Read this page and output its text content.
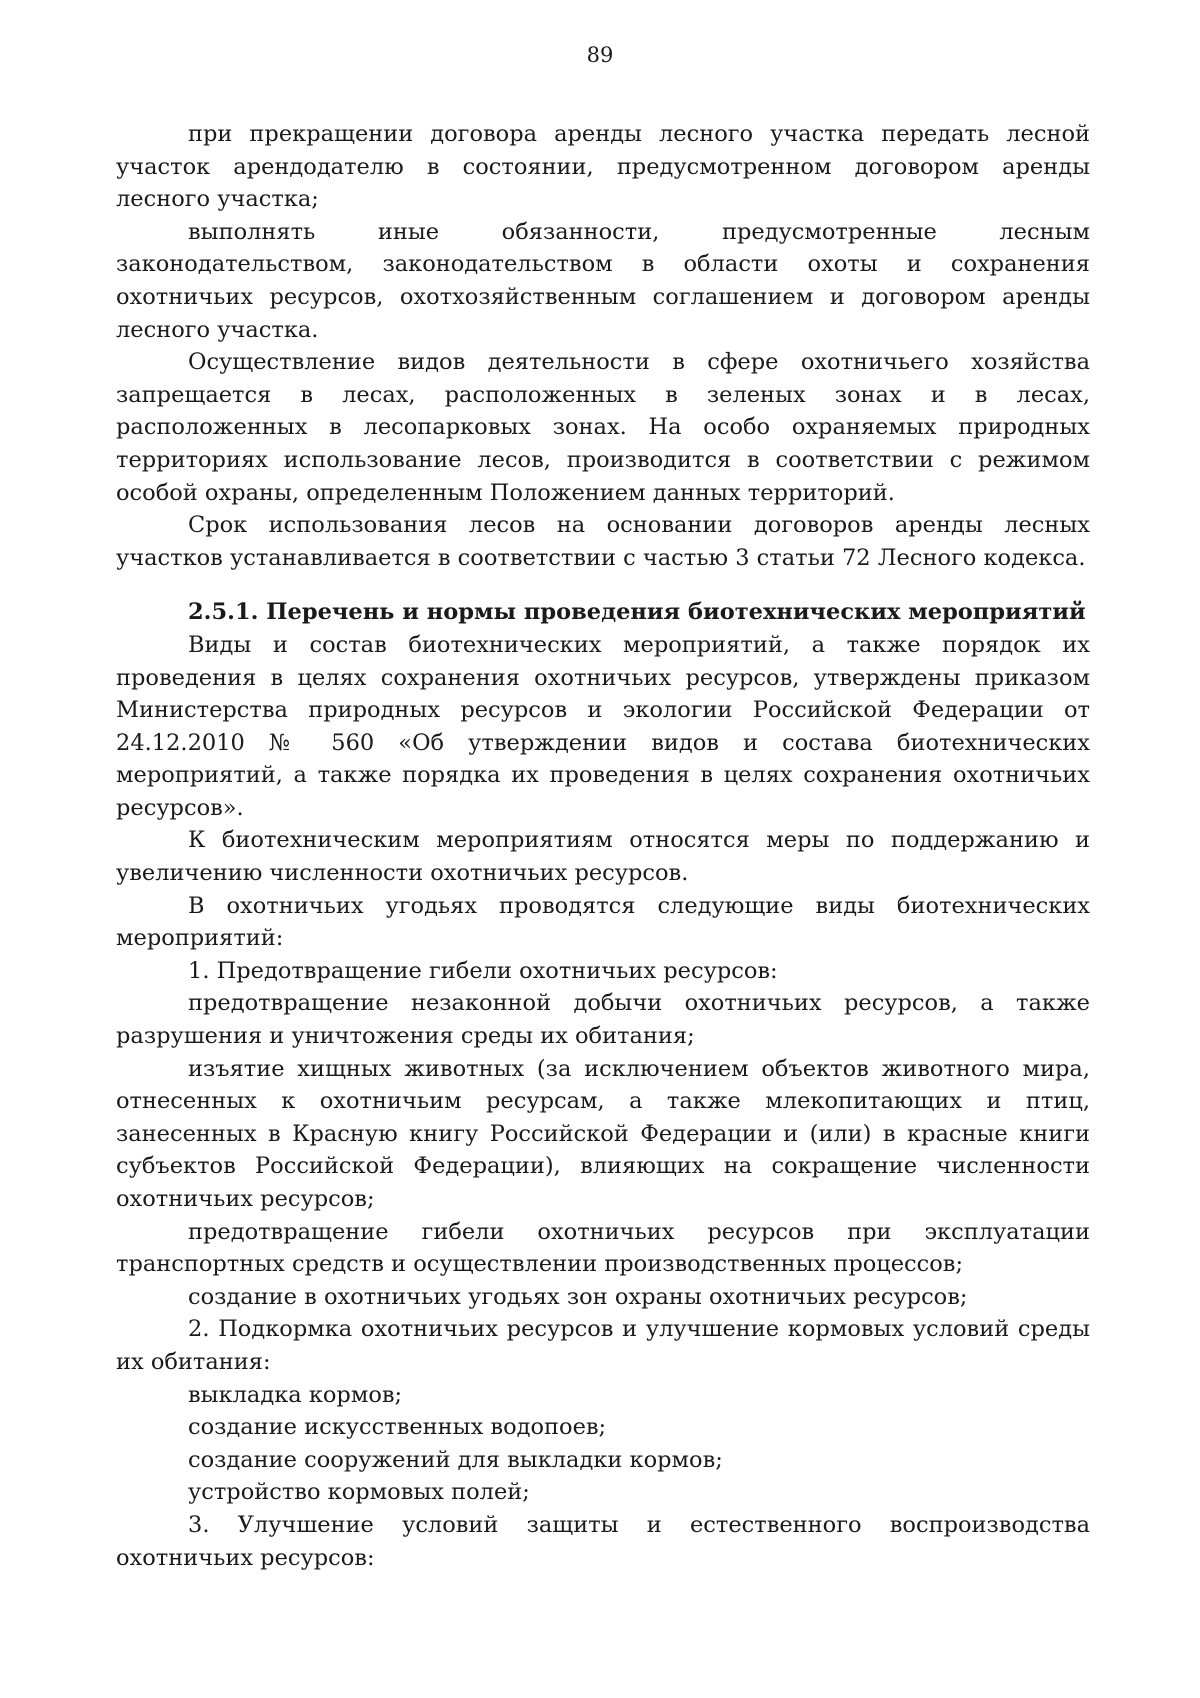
89

при прекращении договора аренды лесного участка передать лесной участок арендодателю в состоянии, предусмотренном договором аренды лесного участка;

выполнять иные обязанности, предусмотренные лесным законодательством, законодательством в области охоты и сохранения охотничьих ресурсов, охотхозяйственным соглашением и договором аренды лесного участка.

Осуществление видов деятельности в сфере охотничьего хозяйства запрещается в лесах, расположенных в зеленых зонах и в лесах, расположенных в лесопарковых зонах. На особо охраняемых природных территориях использование лесов, производится в соответствии с режимом особой охраны, определенным Положением данных территорий.

Срок использования лесов на основании договоров аренды лесных участков устанавливается в соответствии с частью 3 статьи 72 Лесного кодекса.

2.5.1. Перечень и нормы проведения биотехнических мероприятий

Виды и состав биотехнических мероприятий, а также порядок их проведения в целях сохранения охотничьих ресурсов, утверждены приказом Министерства природных ресурсов и экологии Российской Федерации от 24.12.2010 № 560 «Об утверждении видов и состава биотехнических мероприятий, а также порядка их проведения в целях сохранения охотничьих ресурсов».

К биотехническим мероприятиям относятся меры по поддержанию и увеличению численности охотничьих ресурсов.

В охотничьих угодьях проводятся следующие виды биотехнических мероприятий:

1. Предотвращение гибели охотничьих ресурсов:

предотвращение незаконной добычи охотничьих ресурсов, а также разрушения и уничтожения среды их обитания;

изъятие хищных животных (за исключением объектов животного мира, отнесенных к охотничьим ресурсам, а также млекопитающих и птиц, занесенных в Красную книгу Российской Федерации и (или) в красные книги субъектов Российской Федерации), влияющих на сокращение численности охотничьих ресурсов;

предотвращение гибели охотничьих ресурсов при эксплуатации транспортных средств и осуществлении производственных процессов;

создание в охотничьих угодьях зон охраны охотничьих ресурсов;

2. Подкормка охотничьих ресурсов и улучшение кормовых условий среды их обитания:

выкладка кормов;

создание искусственных водопоев;

создание сооружений для выкладки кормов;

устройство кормовых полей;

3. Улучшение условий защиты и естественного воспроизводства охотничьих ресурсов:
